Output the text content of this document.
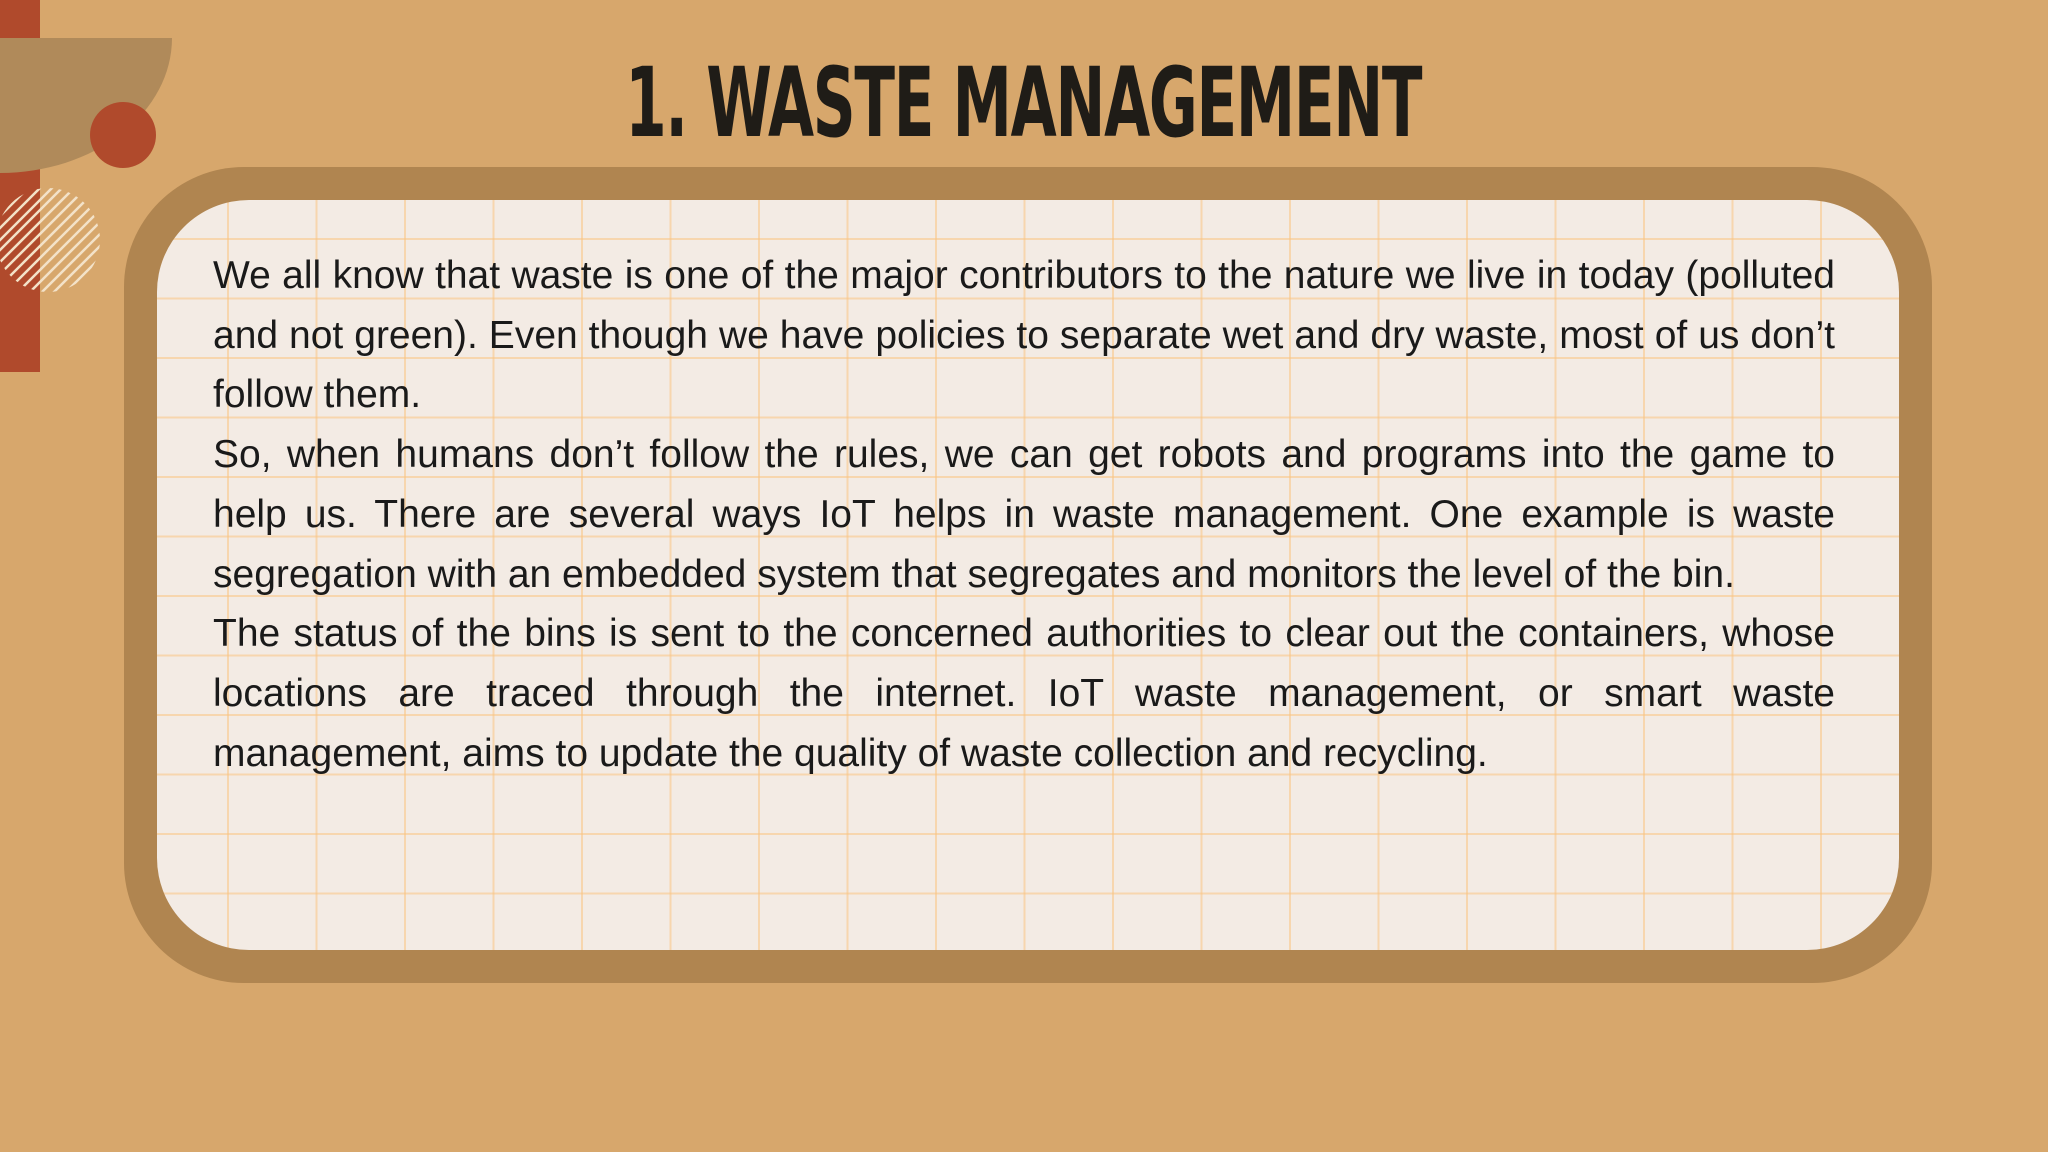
1. WASTE MANAGEMENT

We all know that waste is one of the major contributors to the nature we live in today (polluted and not green). Even though we have policies to separate wet and dry waste, most of us don’t follow them.

So, when humans don’t follow the rules, we can get robots and programs into the game to help us. There are several ways IoT helps in waste management. One example is waste segregation with an embedded system that segregates and monitors the level of the bin.

The status of the bins is sent to the concerned authorities to clear out the containers, whose locations are traced through the internet. IoT waste management, or smart waste management, aims to update the quality of waste collection and recycling.
